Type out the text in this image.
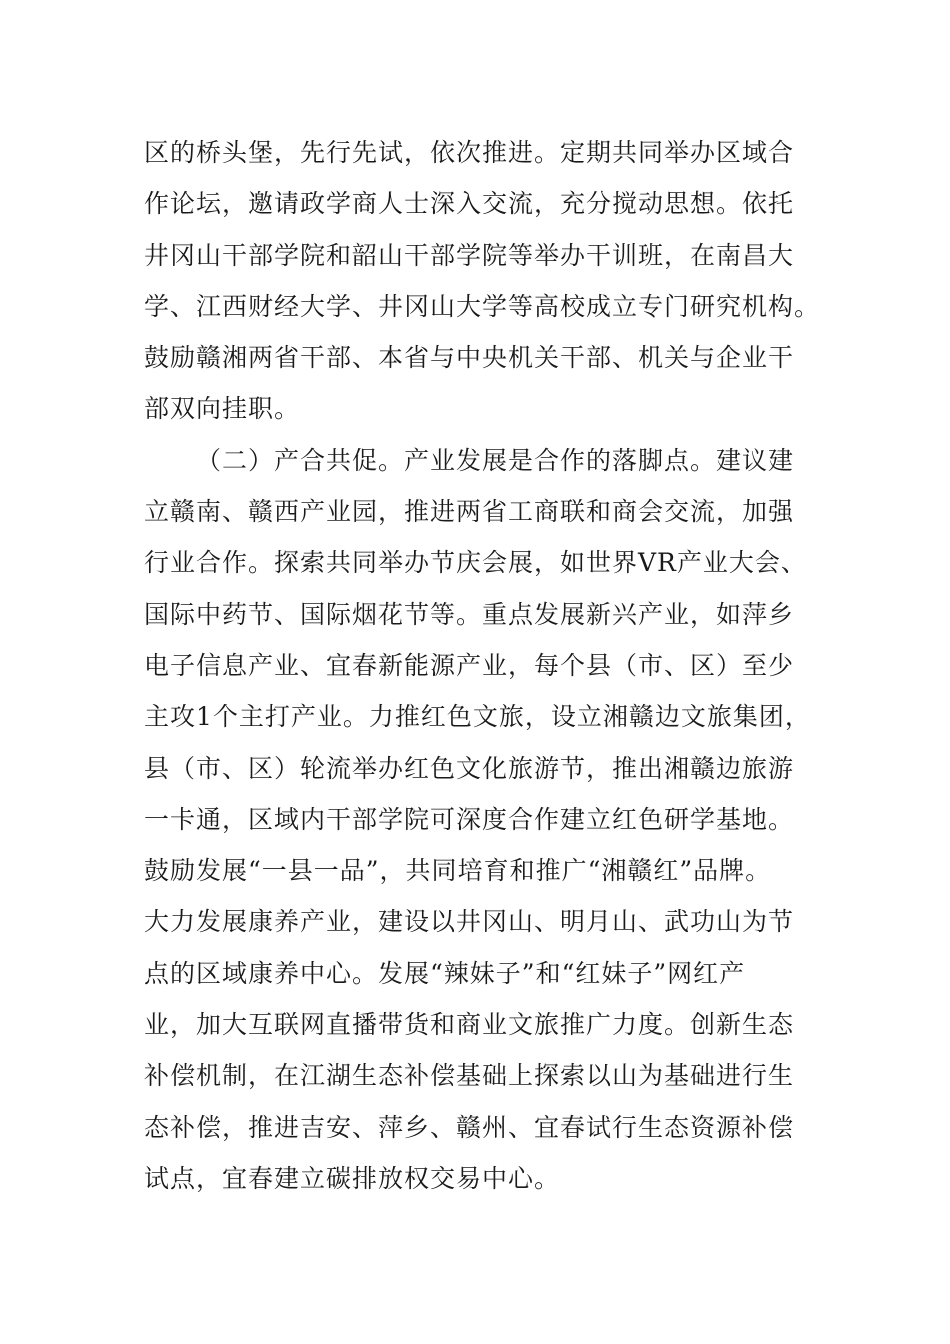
区的桥头堡，先行先试，依次推进。定期共同举办区域合
作论坛，邀请政学商人士深入交流，充分搅动思想。依托
井冈山干部学院和韶山干部学院等举办干训班，在南昌大
学、江西财经大学、井冈山大学等高校成立专门研究机构。
鼓励赣湘两省干部、本省与中央机关干部、机关与企业干
部双向挂职。
（二）产合共促。产业发展是合作的落脚点。建议建
立赣南、赣西产业园，推进两省工商联和商会交流，加强
行业合作。探索共同举办节庆会展，如世界VR产业大会、
国际中药节、国际烟花节等。重点发展新兴产业，如萍乡
电子信息产业、宜春新能源产业，每个县（市、区）至少
主攻1个主打产业。力推红色文旅，设立湘赣边文旅集团，
县（市、区）轮流举办红色文化旅游节，推出湘赣边旅游
一卡通，区域内干部学院可深度合作建立红色研学基地。
鼓励发展“一县一品”，共同培育和推广“湘赣红”品牌。
大力发展康养产业，建设以井冈山、明月山、武功山为节
点的区域康养中心。发展“辣妹子”和“红妹子”网红产
业，加大互联网直播带货和商业文旅推广力度。创新生态
补偿机制，在江湖生态补偿基础上探索以山为基础进行生
态补偿，推进吉安、萍乡、赣州、宜春试行生态资源补偿
试点，宜春建立碳排放权交易中心。
